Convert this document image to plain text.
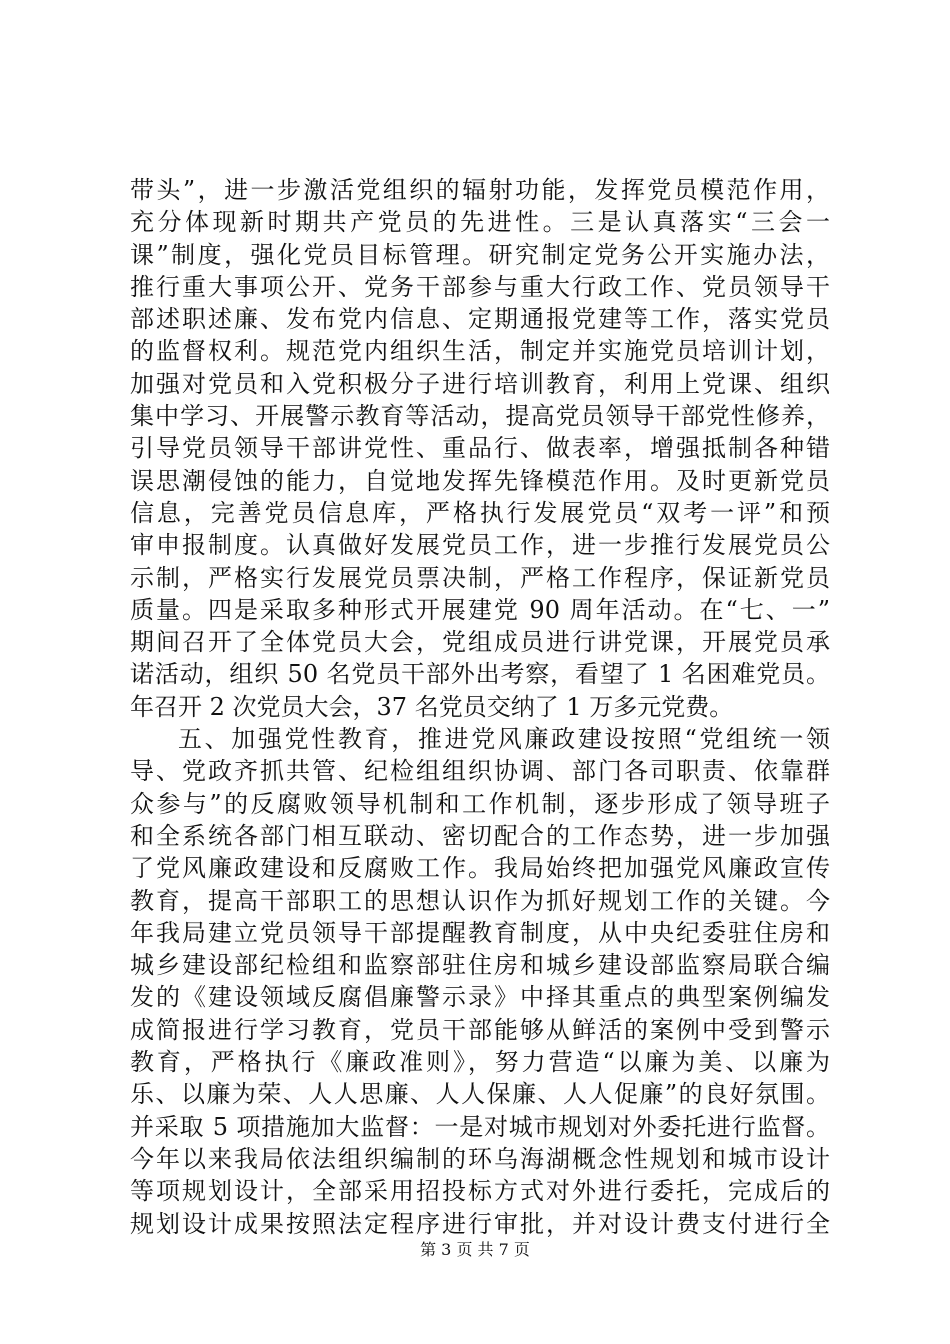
带头”，进一步激活党组织的辐射功能，发挥党员模范作用，
充分体现新时期共产党员的先进性。三是认真落实“三会一
课”制度，强化党员目标管理。研究制定党务公开实施办法，
推行重大事项公开、党务干部参与重大行政工作、党员领导干
部述职述廉、发布党内信息、定期通报党建等工作，落实党员
的监督权利。规范党内组织生活，制定并实施党员培训计划，
加强对党员和入党积极分子进行培训教育，利用上党课、组织
集中学习、开展警示教育等活动，提高党员领导干部党性修养，
引导党员领导干部讲党性、重品行、做表率，增强抵制各种错
误思潮侵蚀的能力，自觉地发挥先锋模范作用。及时更新党员
信息，完善党员信息库，严格执行发展党员“双考一评”和预
审申报制度。认真做好发展党员工作，进一步推行发展党员公
示制，严格实行发展党员票决制，严格工作程序，保证新党员
质量。四是采取多种形式开展建党 90 周年活动。在“七、一”
期间召开了全体党员大会，党组成员进行讲党课，开展党员承
诺活动，组织 50 名党员干部外出考察，看望了 1 名困难党员。
年召开 2 次党员大会，37 名党员交纳了 1 万多元党费。
五、加强党性教育，推进党风廉政建设按照“党组统一领
导、党政齐抓共管、纪检组组织协调、部门各司职责、依靠群
众参与”的反腐败领导机制和工作机制，逐步形成了领导班子
和全系统各部门相互联动、密切配合的工作态势，进一步加强
了党风廉政建设和反腐败工作。我局始终把加强党风廉政宣传
教育，提高干部职工的思想认识作为抓好规划工作的关键。今
年我局建立党员领导干部提醒教育制度，从中央纪委驻住房和
城乡建设部纪检组和监察部驻住房和城乡建设部监察局联合编
发的《建设领域反腐倡廉警示录》中择其重点的典型案例编发
成简报进行学习教育，党员干部能够从鲜活的案例中受到警示
教育，严格执行《廉政准则》，努力营造“以廉为美、以廉为
乐、以廉为荣、人人思廉、人人保廉、人人促廉”的良好氛围。
并采取 5 项措施加大监督：一是对城市规划对外委托进行监督。
今年以来我局依法组织编制的环乌海湖概念性规划和城市设计
等项规划设计，全部采用招投标方式对外进行委托，完成后的
规划设计成果按照法定程序进行审批，并对设计费支付进行全
第 3 页 共 7 页
